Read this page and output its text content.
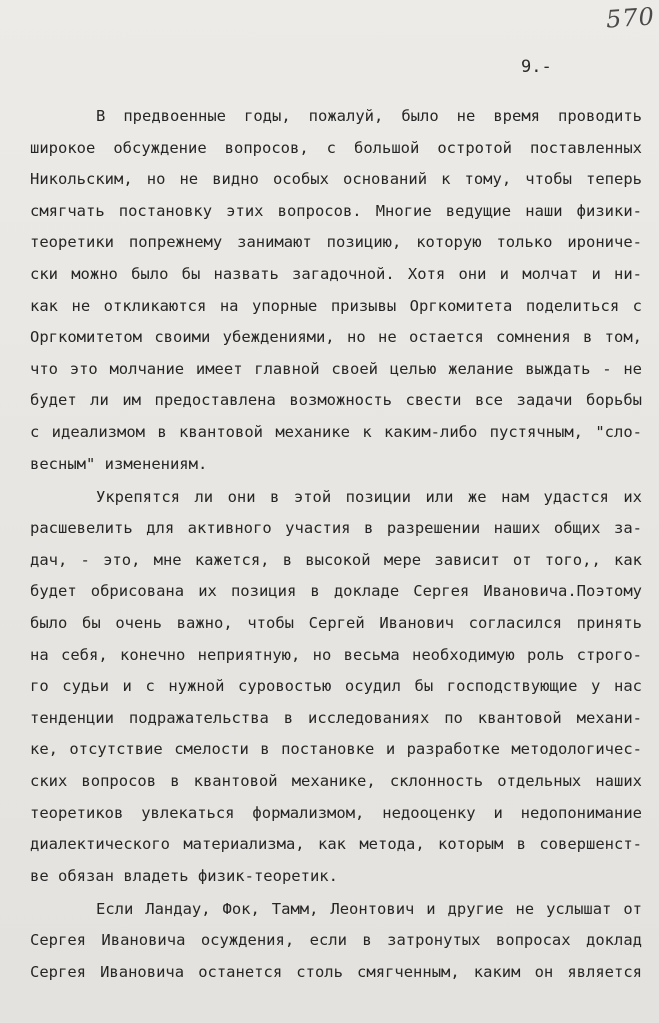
570
9.-
В предвоенные годы, пожалуй, было не время проводить
широкое обсуждение вопросов, с большой остротой поставленных
Никольским, но не видно особых оснований к тому, чтобы теперь
смягчать постановку этих вопросов. Многие ведущие наши физики-
теоретики попрежнему занимают позицию, которую только ирониче-
ски можно было бы назвать загадочной. Хотя они и молчат и ни-
как не откликаются на упорные призывы Оргкомитета поделиться с
Оргкомитетом своими убеждениями, но не остается сомнения в том,
что это молчание имеет главной своей целью желание выждать - не
будет ли им предоставлена возможность свести все задачи борьбы
с идеализмом в квантовой механике к каким-либо пустячным, "сло-
весным" изменениям.
Укрепятся ли они в этой позиции или же нам удастся их
расшевелить для активного участия в разрешении наших общих за-
дач, - это, мне кажется, в высокой мере зависит от того,, как
будет обрисована их позиция в докладе Сергея Ивановича.Поэтому
было бы очень важно, чтобы Сергей Иванович согласился принять
на себя, конечно неприятную, но весьма необходимую роль строго-
го судьи и с нужной суровостью осудил бы господствующие у нас
тенденции подражательства в исследованиях по квантовой механи-
ке, отсутствие смелости в постановке и разработке методологичес-
ских вопросов в квантовой механике, склонность отдельных наших
теоретиков увлекаться формализмом, недооценку и недопонимание
диалектического материализма, как метода, которым в совершенст-
ве обязан владеть физик-теоретик.
Если Ландау, Фок, Тамм, Леонтович и другие не услышат от
Сергея Ивановича осуждения, если в затронутых вопросах доклад
Сергея Ивановича останется столь смягченным, каким он является
